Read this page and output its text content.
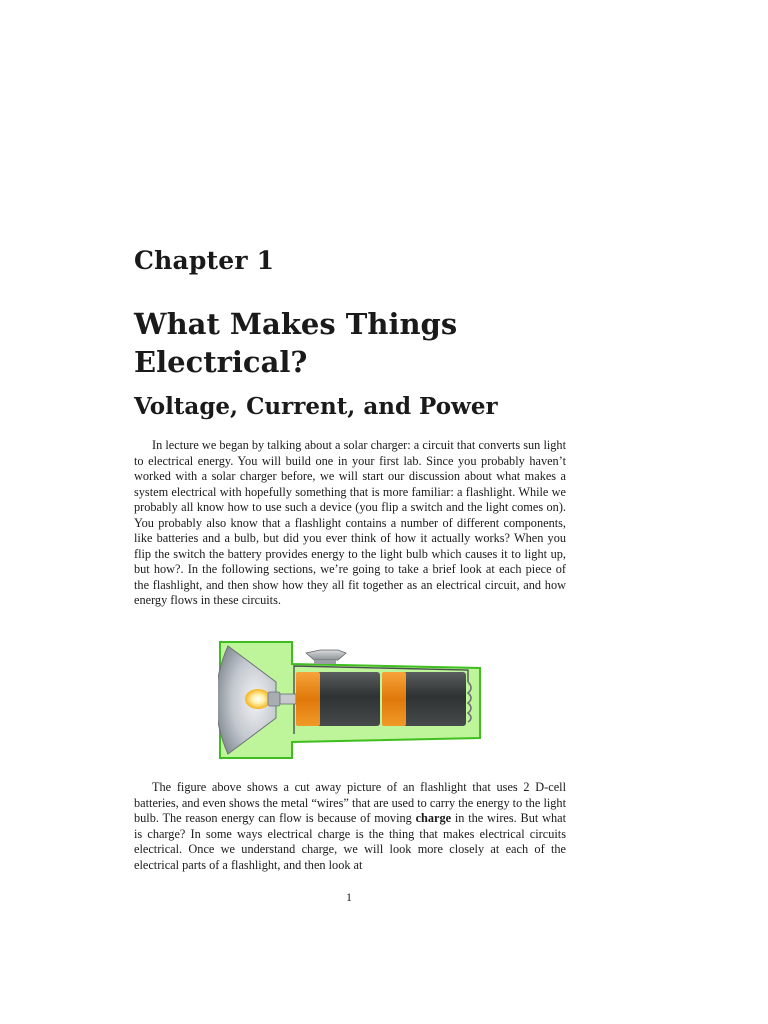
Chapter 1
What Makes Things Electrical?
Voltage, Current, and Power

In lecture we began by talking about a solar charger: a circuit that converts sun light to electrical energy. You will build one in your first lab. Since you probably haven’t worked with a solar charger before, we will start our discussion about what makes a system electrical with hopefully something that is more familiar: a flashlight. While we probably all know how to use such a device (you flip a switch and the light comes on). You probably also know that a flashlight contains a number of different components, like batteries and a bulb, but did you ever think of how it actually works? When you flip the switch the battery provides energy to the light bulb which causes it to light up, but how?. In the following sections, we’re going to take a brief look at each piece of the flashlight, and then show how they all fit together as an electrical circuit, and how energy flows in these circuits.

The figure above shows a cut away picture of an flashlight that uses 2 D-cell batteries, and even shows the metal “wires” that are used to carry the energy to the light bulb. The reason energy can flow is because of moving charge in the wires. But what is charge? In some ways electrical charge is the thing that makes electrical circuits electrical. Once we understand charge, we will look more closely at each of the electrical parts of a flashlight, and then look at

1
